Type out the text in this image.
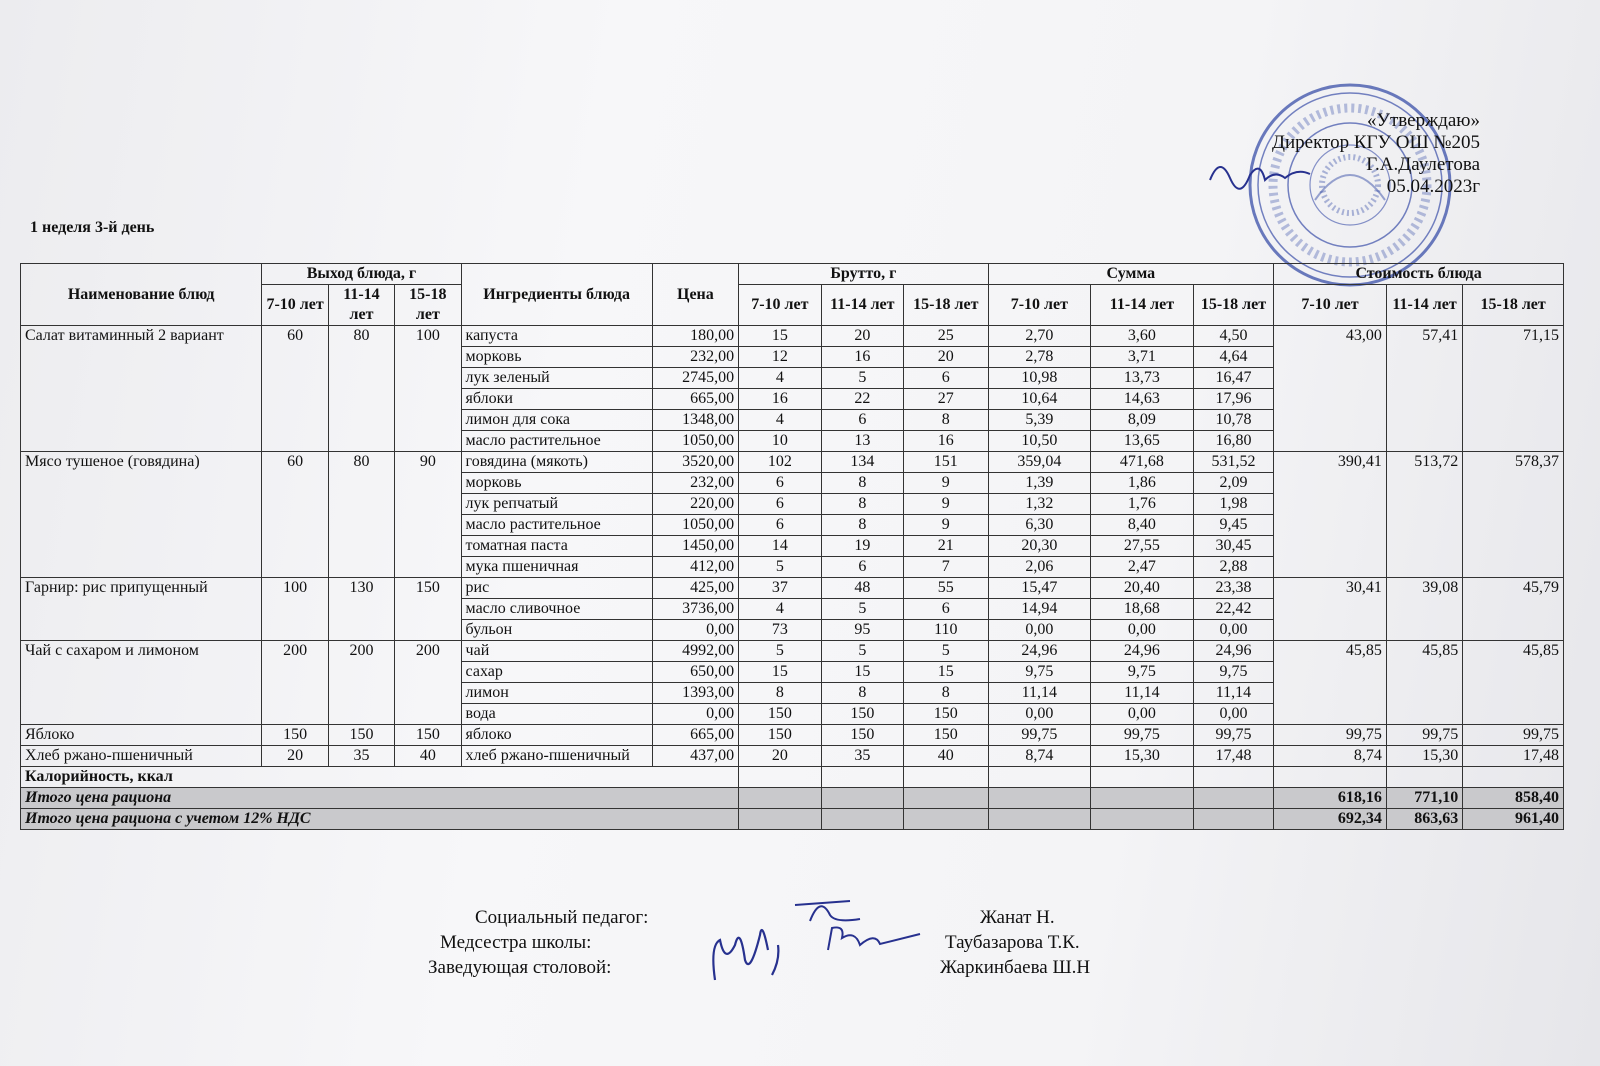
«Утверждаю»
Директор КГУ ОШ №205
Г.А.Даулетова
05.04.2023г
1 неделя 3-й день
Наименование блюд	Выход блюда, г			Ингредиенты блюда	Цена	Брутто, г			Сумма			Стоимость блюда		
	7-10 лет	11-14 лет	15-18 лет			7-10 лет	11-14 лет	15-18 лет	7-10 лет	11-14 лет	15-18 лет	7-10 лет	11-14 лет	15-18 лет
Салат витаминный 2 вариант	60	80	100	капуста	180,00	15	20	25	2,70	3,60	4,50	43,00	57,41	71,15
				морковь	232,00	12	16	20	2,78	3,71	4,64			
				лук зеленый	2745,00	4	5	6	10,98	13,73	16,47			
				яблоки	665,00	16	22	27	10,64	14,63	17,96			
				лимон для сока	1348,00	4	6	8	5,39	8,09	10,78			
				масло растительное	1050,00	10	13	16	10,50	13,65	16,80			
Мясо тушеное (говядина)	60	80	90	говядина (мякоть)	3520,00	102	134	151	359,04	471,68	531,52	390,41	513,72	578,37
				морковь	232,00	6	8	9	1,39	1,86	2,09			
				лук репчатый	220,00	6	8	9	1,32	1,76	1,98			
				масло растительное	1050,00	6	8	9	6,30	8,40	9,45			
				томатная паста	1450,00	14	19	21	20,30	27,55	30,45			
				мука пшеничная	412,00	5	6	7	2,06	2,47	2,88			
Гарнир: рис припущенный	100	130	150	рис	425,00	37	48	55	15,47	20,40	23,38	30,41	39,08	45,79
				масло сливочное	3736,00	4	5	6	14,94	18,68	22,42			
				бульон	0,00	73	95	110	0,00	0,00	0,00			
Чай с сахаром и лимоном	200	200	200	чай	4992,00	5	5	5	24,96	24,96	24,96	45,85	45,85	45,85
				сахар	650,00	15	15	15	9,75	9,75	9,75			
				лимон	1393,00	8	8	8	11,14	11,14	11,14			
				вода	0,00	150	150	150	0,00	0,00	0,00			
Яблоко	150	150	150	яблоко	665,00	150	150	150	99,75	99,75	99,75	99,75	99,75	99,75
Хлеб ржано-пшеничный	20	35	40	хлеб ржано-пшеничный	437,00	20	35	40	8,74	15,30	17,48	8,74	15,30	17,48
Калорийность, ккал														
Итого цена рациона												618,16	771,10	858,40
Итого цена рациона с учетом 12% НДС												692,34	863,63	961,40
Социальный педагог:	Жанат Н.
Медсестра школы:	Таубазарова Т.К.
Заведующая столовой:	Жаркинбаева Ш.Н
